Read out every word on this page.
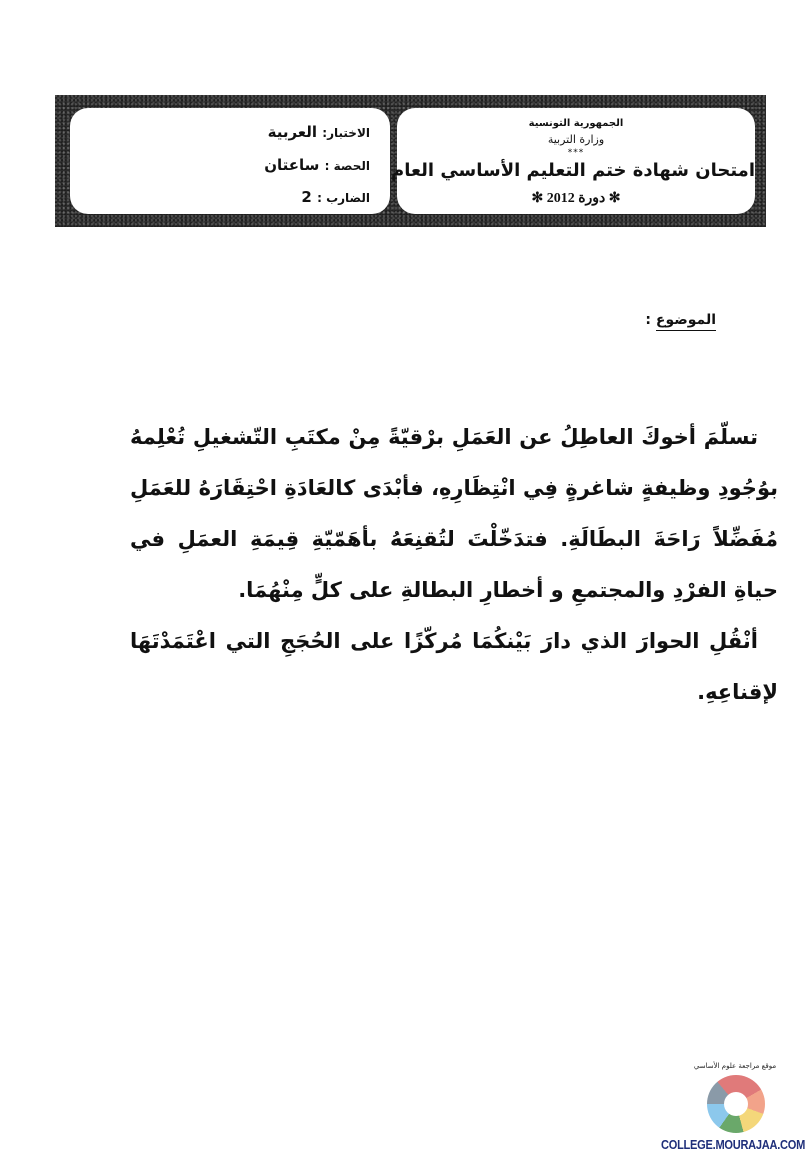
الاختبار: العربية
الحصة : ساعتان
الضارب : 2
الجمهورية التونسية
وزارة التربية
***
امتحان شهادة ختم التعليم الأساسي العام
✻ دورة 2012 ✻
الموضوع :

تسلّمَ أخوكَ العاطِلُ عن العَمَلِ برْقيّةً مِنْ مكتَبِ التّشغيلِ تُعْلِمهُ بوُجُودِ وظيفةٍ شاغرةٍ فِي انْتِظَارِهِ، فأبْدَى كالعَادَةِ احْتِقَارَهُ للعَمَلِ مُفَضِّلاً رَاحَةَ البطَالَةِ. فتدَخّلْتَ لتُقنِعَهُ بأهَمّيّةِ قِيمَةِ العمَلِ في حياةِ الفرْدِ والمجتمعِ و أخطارِ البطالةِ على كلٍّ مِنْهُمَا.

أنْقُلِ الحوارَ الذي دارَ بَيْنكُمَا مُركّزًا على الحُجَجِ التي اعْتَمَدْتَهَا لإقناعِهِ.

موقع مراجعة علوم الأساسي
COLLEGE.MOURAJAA.COM
